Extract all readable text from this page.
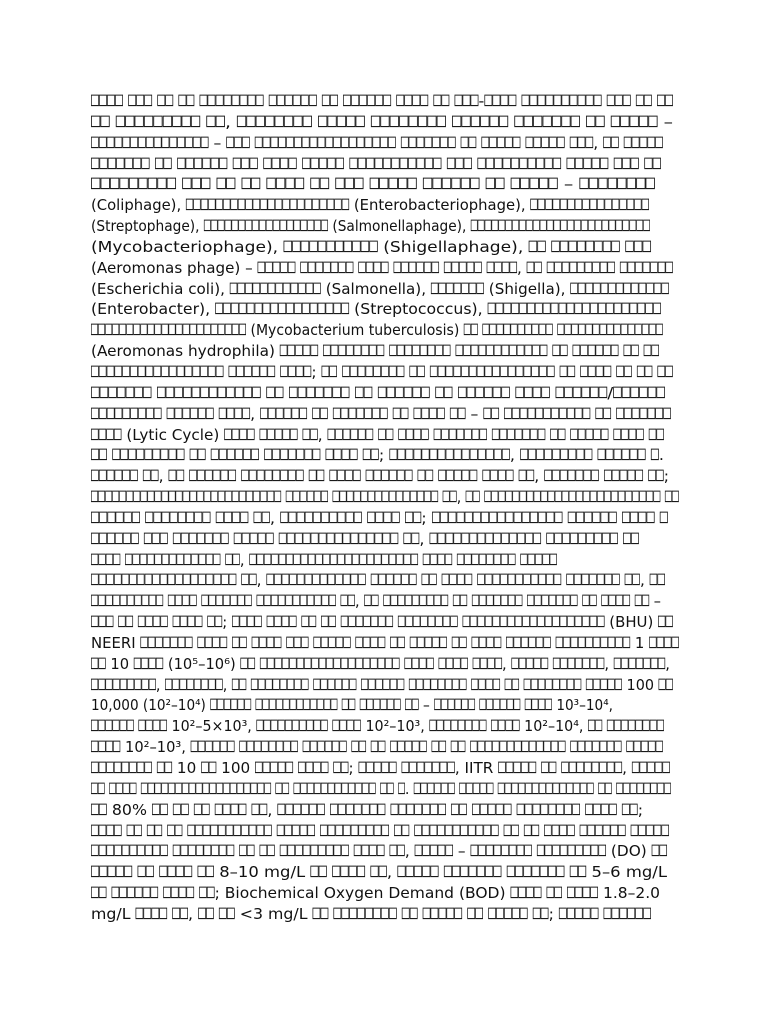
□□□□ □□□ □□ □□ □□□□□□□□ □□□□□□ □□ □□□□□□ □□□□ □□ □□□-□□□□ □□□□□□□□□□ □□□ □□ □□
□□ □□□□□□□□□ □□, □□□□□□□□ □□□□□ □□□□□□□□ □□□□□□ □□□□□□□ □□ □□□□□ –
□□□□□□□□□□□□□□□ – □□□ □□□□□□□□□□□□□□□□□□ □□□□□□□ □□ □□□□□ □□□□□ □□□, □□ □□□□□
□□□□□□□ □□ □□□□□□ □□□ □□□□ □□□□□ □□□□□□□□□□□ □□□ □□□□□□□□□□ □□□□□ □□□ □□
□□□□□□□□□ □□□ □□ □□ □□□□ □□ □□□ □□□□□ □□□□□□ □□ □□□□□ – □□□□□□□□
(Coliphage), □□□□□□□□□□□□□□□□□□□□□□ (Enterobacteriophage), □□□□□□□□□□□□□□□□
(Streptophage), □□□□□□□□□□□□□□□□□□ (Salmonellaphage), □□□□□□□□□□□□□□□□□□□□□□□□□□
(Mycobacteriophage), □□□□□□□□□□□ (Shigellaphage), □□ □□□□□□□□ □□□
(Aeromonas phage) – □□□□□ □□□□□□□ □□□□ □□□□□□ □□□□□ □□□□, □□ □□□□□□□□□ □□□□□□□
(Escherichia coli), □□□□□□□□□□□□ (Salmonella), □□□□□□□ (Shigella), □□□□□□□□□□□□□
(Enterobacter), □□□□□□□□□□□□□□□□□ (Streptococcus), □□□□□□□□□□□□□□□□□□□□□□
□□□□□□□□□□□□□□□□□□□□□□ (Mycobacterium tuberculosis) □□ □□□□□□□□□□ □□□□□□□□□□□□□□□
(Aeromonas hydrophila) □□□□□ □□□□□□□□ □□□□□□□□ □□□□□□□□□□□□ □□ □□□□□□ □□ □□
□□□□□□□□□□□□□□□□□ □□□□□□ □□□□; □□ □□□□□□□□ □□ □□□□□□□□□□□□□□□□ □□ □□□□ □□ □□ □□
□□□□□□□ □□□□□□□□□□□□ □□ □□□□□□□ □□ □□□□□□ □□ □□□□□□ □□□□ □□□□□□/□□□□□□
□□□□□□□□□ □□□□□□ □□□□, □□□□□□ □□ □□□□□□□ □□ □□□□ □□ – □□ □□□□□□□□□□□ □□ □□□□□□□
□□□□ (Lytic Cycle) □□□□ □□□□□ □□, □□□□□□ □□ □□□□ □□□□□□□ □□□□□□□ □□ □□□□□ □□□□ □□
□□ □□□□□□□□□ □□ □□□□□□ □□□□□□□ □□□□ □□; □□□□□□□□□□□□□□□, □□□□□□□□□ □□□□□□ □.
□□□□□□ □□, □□ □□□□□□ □□□□□□□□ □□ □□□□ □□□□□□ □□ □□□□□ □□□□ □□, □□□□□□□ □□□□□ □□;
□□□□□□□□□□□□□□□□□□□□□□□□□□□ □□□□□□ □□□□□□□□□□□□□□□ □□, □□ □□□□□□□□□□□□□□□□□□□□□□□□□ □□
□□□□□□ □□□□□□□□ □□□□ □□, □□□□□□□□□□ □□□□ □□; □□□□□□□□□□□□□□□□ □□□□□□ □□□□ □
□□□□□□ □□□ □□□□□□□ □□□□□ □□□□□□□□□□□□□□□ □□, □□□□□□□□□□□□□□ □□□□□□□□□ □□
□□□□ □□□□□□□□□□□□□ □□, □□□□□□□□□□□□□□□□□□□□□□□ □□□□ □□□□□□□□ □□□□□
□□□□□□□□□□□□□□□□□□□ □□, □□□□□□□□□□□□□ □□□□□□ □□ □□□□ □□□□□□□□□□□ □□□□□□□ □□, □□
□□□□□□□□□□ □□□□ □□□□□□□ □□□□□□□□□□□ □□, □□ □□□□□□□□□ □□ □□□□□□□ □□□□□□□ □□ □□□□ □□ –
□□□ □□ □□□□ □□□□ □□; □□□□ □□□□ □□ □□ □□□□□□□ □□□□□□□□ □□□□□□□□□□□□□□□□□□□ (BHU) □□
NEERI □□□□□□□ □□□□ □□ □□□□ □□□ □□□□□ □□□□ □□ □□□□□ □□ □□□□ □□□□□□ □□□□□□□□□□ 1 □□□□
□□ 10 □□□□ (10⁵–10⁶) □□ □□□□□□□□□□□□□□□□□□□ □□□□ □□□□ □□□□, □□□□□ □□□□□□□, □□□□□□□,
□□□□□□□□□, □□□□□□□□, □□ □□□□□□□□ □□□□□□ □□□□□□ □□□□□□□□ □□□□ □□ □□□□□□□□ □□□□□ 100 □□
10,000 (10²–10⁴) □□□□□□ □□□□□□□□□□□□ □□ □□□□□□ □□ – □□□□□□ □□□□□□ □□□□ 10³–10⁴,
□□□□□□ □□□□ 10²–5×10³, □□□□□□□□□□ □□□□ 10²–10³, □□□□□□□□ □□□□ 10²–10⁴, □□ □□□□□□□□
□□□□ 10²–10³, □□□□□□ □□□□□□□□ □□□□□□ □□ □□ □□□□□ □□ □□ □□□□□□□□□□□□□ □□□□□□□ □□□□□
□□□□□□□□ □□ 10 □□ 100 □□□□□ □□□□ □□; □□□□□ □□□□□□□, IITR □□□□□ □□ □□□□□□□□, □□□□□
□□ □□□□ □□□□□□□□□□□□□□□□□□□ □□ □□□□□□□□□□□□ □□ □. □□□□□□ □□□□□ □□□□□□□□□□□□□□ □□ □□□□□□□□
□□ 80% □□ □□ □□ □□□□ □□, □□□□□□ □□□□□□□ □□□□□□□ □□ □□□□□ □□□□□□□□ □□□□ □□;
□□□□ □□ □□ □□ □□□□□□□□□□□ □□□□□ □□□□□□□□□ □□ □□□□□□□□□□□ □□ □□ □□□□ □□□□□□ □□□□□
□□□□□□□□□□ □□□□□□□□ □□ □□ □□□□□□□□□ □□□□ □□, □□□□□ – □□□□□□□□ □□□□□□□□□ (DO) □□
□□□□□ □□ □□□□ □□ 8–10 mg/L □□ □□□□ □□, □□□□□ □□□□□□□ □□□□□□□ □□ 5–6 mg/L
□□ □□□□□□ □□□□ □□; Biochemical Oxygen Demand (BOD) □□□□ □□ □□□□ 1.8–2.0
mg/L □□□□ □□, □□ □□ <3 mg/L □□ □□□□□□□□ □□ □□□□□ □□ □□□□□ □□; □□□□□ □□□□□□
